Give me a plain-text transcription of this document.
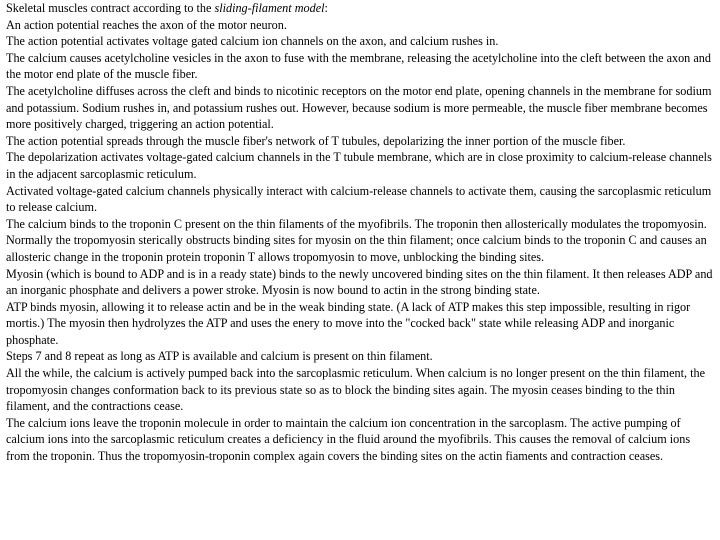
Skeletal muscles contract according to the sliding-filament model:

An action potential reaches the axon of the motor neuron.

The action potential activates voltage gated calcium ion channels on the axon, and calcium rushes in.

The calcium causes acetylcholine vesicles in the axon to fuse with the membrane, releasing the acetylcholine into the cleft between the axon and the motor end plate of the muscle fiber.

The acetylcholine diffuses across the cleft and binds to nicotinic receptors on the motor end plate, opening channels in the membrane for sodium and potassium. Sodium rushes in, and potassium rushes out. However, because sodium is more permeable, the muscle fiber membrane becomes more positively charged, triggering an action potential.

The action potential spreads through the muscle fiber's network of T tubules, depolarizing the inner portion of the muscle fiber.

The depolarization activates voltage-gated calcium channels in the T tubule membrane, which are in close proximity to calcium-release channels in the adjacent sarcoplasmic reticulum.

Activated voltage-gated calcium channels physically interact with calcium-release channels to activate them, causing the sarcoplasmic reticulum to release calcium.

The calcium binds to the troponin C present on the thin filaments of the myofibrils. The troponin then allosterically modulates the tropomyosin. Normally the tropomyosin sterically obstructs binding sites for myosin on the thin filament; once calcium binds to the troponin C and causes an allosteric change in the troponin protein troponin T allows tropomyosin to move, unblocking the binding sites.

Myosin (which is bound to ADP and is in a ready state) binds to the newly uncovered binding sites on the thin filament. It then releases ADP and an inorganic phosphate and delivers a power stroke. Myosin is now bound to actin in the strong binding state.

ATP binds myosin, allowing it to release actin and be in the weak binding state. (A lack of ATP makes this step impossible, resulting in rigor mortis.) The myosin then hydrolyzes the ATP and uses the enery to move into the "cocked back" state while releasing ADP and inorganic phosphate.

Steps 7 and 8 repeat as long as ATP is available and calcium is present on thin filament.

All the while, the calcium is actively pumped back into the sarcoplasmic reticulum. When calcium is no longer present on the thin filament, the tropomyosin changes conformation back to its previous state so as to block the binding sites again. The myosin ceases binding to the thin filament, and the contractions cease.

The calcium ions leave the troponin molecule in order to maintain the calcium ion concentration in the sarcoplasm. The active pumping of calcium ions into the sarcoplasmic reticulum creates a deficiency in the fluid around the myofibrils. This causes the removal of calcium ions from the troponin. Thus the tropomyosin-troponin complex again covers the binding sites on the actin fiaments and contraction ceases.
